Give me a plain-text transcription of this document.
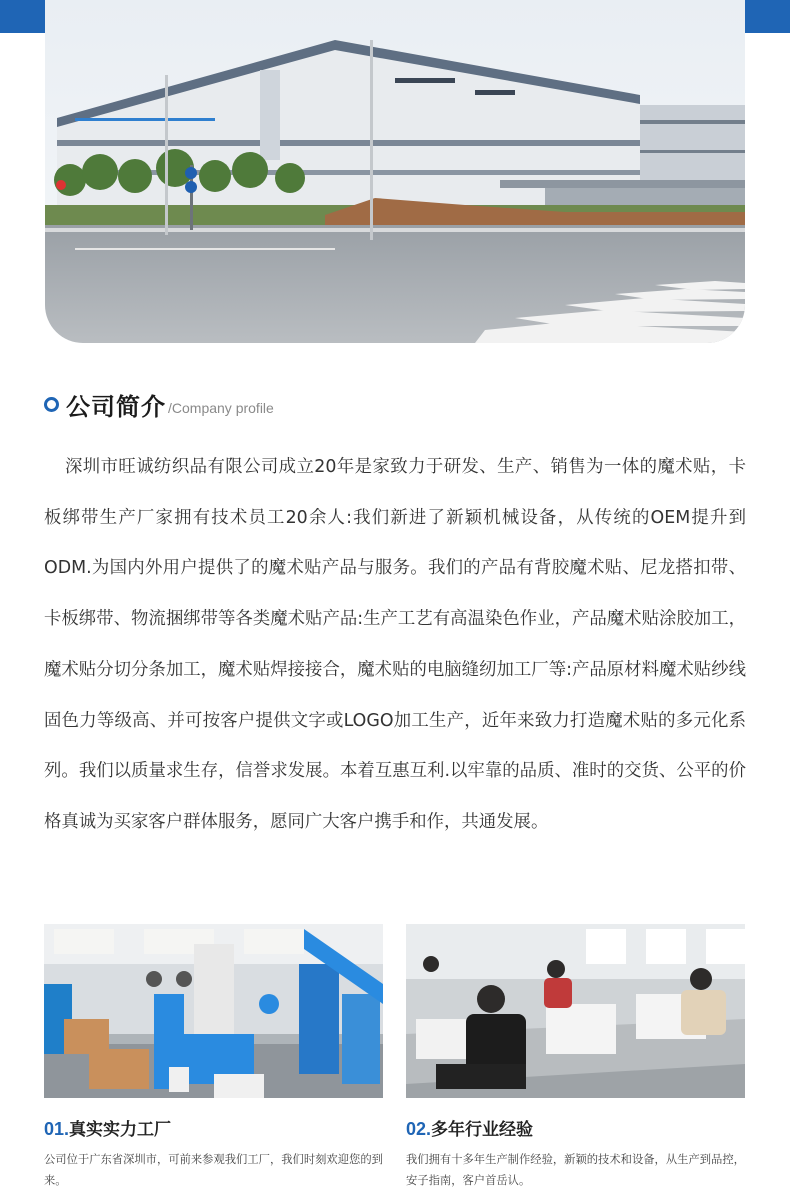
公司简介 /Company profile

深圳市旺诚纺织品有限公司成立20年是家致力于研发、生产、销售为一体的魔术贴，卡板绑带生产厂家拥有技术员工20余人:我们新进了新颖机械设备，从传统的OEM提升到ODM.为国内外用户提供了的魔术贴产品与服务。我们的产品有背胶魔术贴、尼龙搭扣带、卡板绑带、物流捆绑带等各类魔术贴产品:生产工艺有高温染色作业，产品魔术贴涂胶加工，魔术贴分切分条加工，魔术贴焊接接合，魔术贴的电脑缝纫加工厂等:产品原材料魔术贴纱线固色力等级高、并可按客户提供文字或LOGO加工生产，近年来致力打造魔术贴的多元化系列。我们以质量求生存，信誉求发展。本着互惠互利.以牢靠的品质、准时的交货、公平的价格真诚为买家客户群体服务，愿同广大客户携手和作，共通发展。

01.真实实力工厂
公司位于广东省深圳市，可前来参观我们工厂，我们时刻欢迎您的到来。
02.多年行业经验
我们拥有十多年生产制作经验，新颖的技术和设备，从生产到品控，安子指南，客户首岳认。
